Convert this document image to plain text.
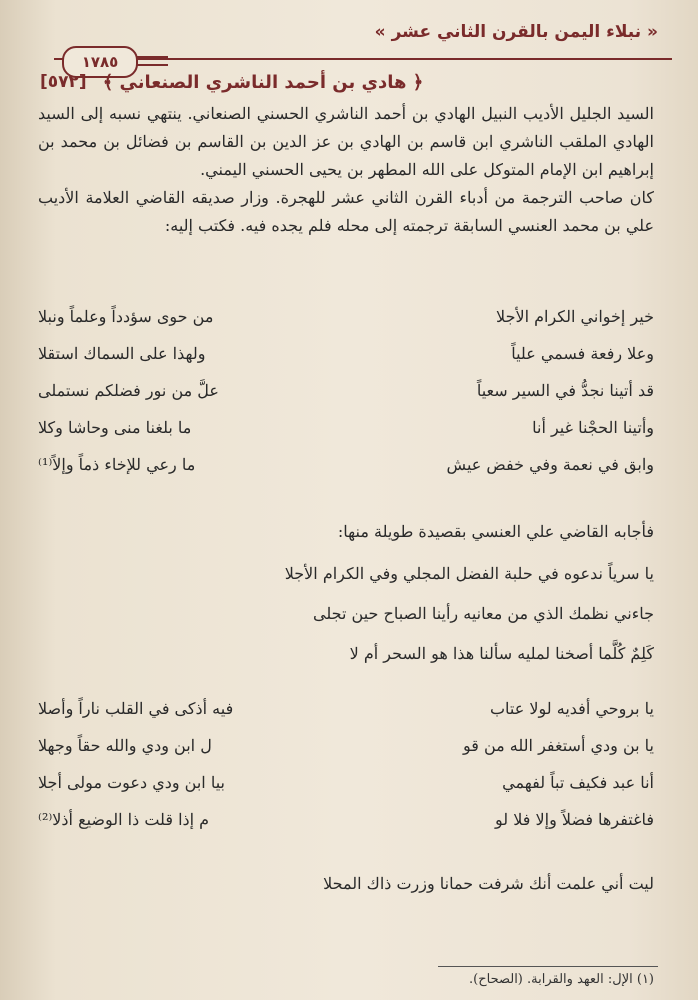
« نبلاء اليمن بالقرن الثاني عشر »
١٧٨٥
[٥٧٢] ﴿ هادي بن أحمد الناشري الصنعاني ﴾
السيد الجليل الأديب النبيل الهادي بن أحمد الناشري الحسني الصنعاني. ينتهي نسبه إلى السيد الهادي الملقب الناشري ابن قاسم بن الهادي بن عز الدين بن القاسم بن فضائل بن محمد بن إبراهيم ابن الإمام المتوكل على الله المطهر بن يحيى الحسني اليمني.
كان صاحب الترجمة من أدباء القرن الثاني عشر للهجرة. وزار صديقه القاضي العلامة الأديب علي بن محمد العنسي السابقة ترجمته إلى محله فلم يجده فيه. فكتب إليه:
خير إخواني الكرام الأجلا
من حوى سؤدداً وعلماً ونبلا
وعلا رفعة فسمي علياً
ولهذا على السماك استقلا
قد أتينا نجدُّ في السير سعياً
علَّ من نور فضلكم نستملى
وأتينا الحجْنا غير أنا
ما بلغنا منى وحاشا وكلا
وابق في نعمة وفي خفض عيش
ما رعي للإخاء ذماً وإلاً⁽¹⁾
فأجابه القاضي علي العنسي بقصيدة طويلة منها:
يا سرياً ندعوه في حلبة الفضل المجلي وفي الكرام الأجلا
جاءني نظمك الذي من معانيه رأينا الصباح حين تجلى
كَلِمٌ كُلَّما أصخنا لمليه سألنا هذا هو السحر أم لا
يا بروحي أفديه لولا عتاب
فيه أذكى في القلب ناراً وأصلا
يا بن ودي أستغفر الله من قو
ل ابن ودي والله حقاً وجهلا
أنا عبد فكيف تباً لفهمي
بيا ابن ودي دعوت مولى أجلا
فاغتفرها فضلاً وإلا فلا لو
م إذا قلت ذا الوضيع أذلا⁽²⁾
ليت أني علمت أنك شرفت حمانا وزرت ذاك المحلا
(١) الإل: العهد والقرابة. (الصحاح).
